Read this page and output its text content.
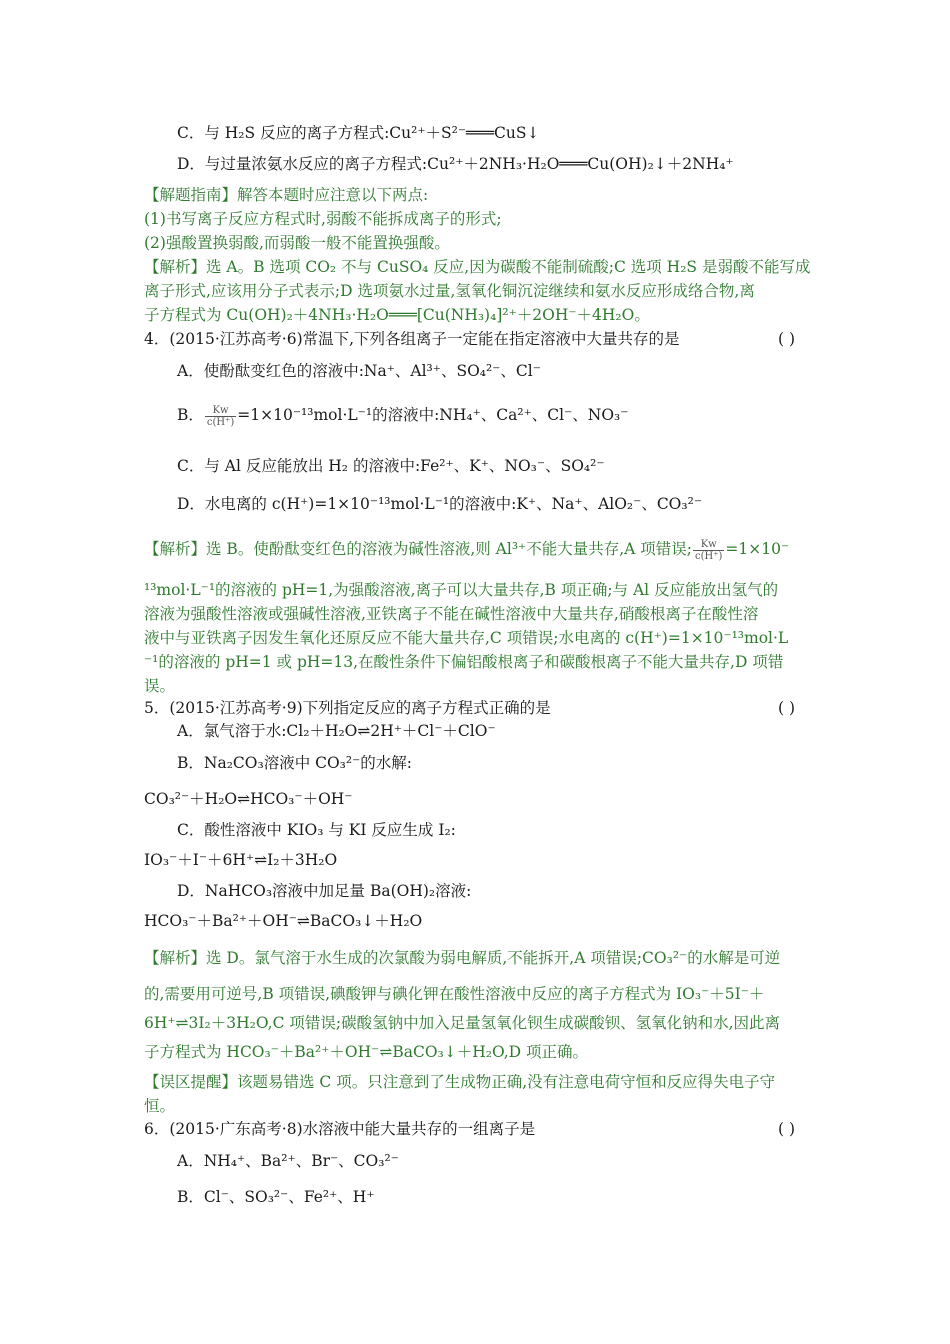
C．与 H₂S 反应的离子方程式:Cu²⁺＋S²⁻═══CuS↓
D．与过量浓氨水反应的离子方程式:Cu²⁺＋2NH₃·H₂O═══Cu(OH)₂↓＋2NH₄⁺
【解题指南】解答本题时应注意以下两点:
(1)书写离子反应方程式时,弱酸不能拆成离子的形式;
(2)强酸置换弱酸,而弱酸一般不能置换强酸。
【解析】选 A。B 选项 CO₂ 不与 CuSO₄ 反应,因为碳酸不能制硫酸;C 选项 H₂S 是弱酸不能写成
离子形式,应该用分子式表示;D 选项氨水过量,氢氧化铜沉淀继续和氨水反应形成络合物,离
子方程式为 Cu(OH)₂＋4NH₃·H₂O═══[Cu(NH₃)₄]²⁺＋2OH⁻＋4H₂O。
4．(2015·江苏高考·6)常温下,下列各组离子一定能在指定溶液中大量共存的是	( )
A．使酚酞变红色的溶液中:Na⁺、Al³⁺、SO₄²⁻、Cl⁻
B． $\frac{Kw}{c(H^+)} =1\times 10^{-13}mol\cdot L^{-1}$的溶液中:NH₄⁺、Ca²⁺、Cl⁻、NO₃⁻
C．与 Al 反应能放出 H₂ 的溶液中:Fe²⁺、K⁺、NO₃⁻、SO₄²⁻
D．水电离的 c(H⁺)=1×10⁻¹³mol·L⁻¹的溶液中:K⁺、Na⁺、AlO₂⁻、CO₃²⁻
【解析】选 B。使酚酞变红色的溶液为碱性溶液,则 Al³⁺不能大量共存,A 项错误; $\frac{Kw}{c(H^+)} =1\times 10^-$
¹³mol·L⁻¹的溶液的 pH=1,为强酸溶液,离子可以大量共存,B 项正确;与 Al 反应能放出氢气的
溶液为强酸性溶液或强碱性溶液,亚铁离子不能在碱性溶液中大量共存,硝酸根离子在酸性溶
液中与亚铁离子因发生氧化还原反应不能大量共存,C 项错误;水电离的 c(H⁺)=1×10⁻¹³mol·L
⁻¹的溶液的 pH=1 或 pH=13,在酸性条件下偏铝酸根离子和碳酸根离子不能大量共存,D 项错
误。
5．(2015·江苏高考·9)下列指定反应的离子方程式正确的是	( )
A．氯气溶于水:Cl₂＋H₂O⇌2H⁺＋Cl⁻＋ClO⁻
B．Na₂CO₃溶液中 CO₃²⁻的水解:
CO₃²⁻＋H₂O⇌HCO₃⁻＋OH⁻
C．酸性溶液中 KIO₃ 与 KI 反应生成 I₂:
IO₃⁻＋I⁻＋6H⁺⇌I₂＋3H₂O
D．NaHCO₃溶液中加足量 Ba(OH)₂溶液:
HCO₃⁻＋Ba²⁺＋OH⁻⇌BaCO₃↓＋H₂O
【解析】选 D。氯气溶于水生成的次氯酸为弱电解质,不能拆开,A 项错误;CO₃²⁻的水解是可逆
的,需要用可逆号,B 项错误,碘酸钾与碘化钾在酸性溶液中反应的离子方程式为 IO₃⁻＋5I⁻＋
6H⁺⇌3I₂＋3H₂O,C 项错误;碳酸氢钠中加入足量氢氧化钡生成碳酸钡、氢氧化钠和水,因此离
子方程式为 HCO₃⁻＋Ba²⁺＋OH⁻⇌BaCO₃↓＋H₂O,D 项正确。
【误区提醒】该题易错选 C 项。只注意到了生成物正确,没有注意电荷守恒和反应得失电子守
恒。
6．(2015·广东高考·8)水溶液中能大量共存的一组离子是	( )
A．NH₄⁺、Ba²⁺、Br⁻、CO₃²⁻
B．Cl⁻、SO₃²⁻、Fe²⁺、H⁺
